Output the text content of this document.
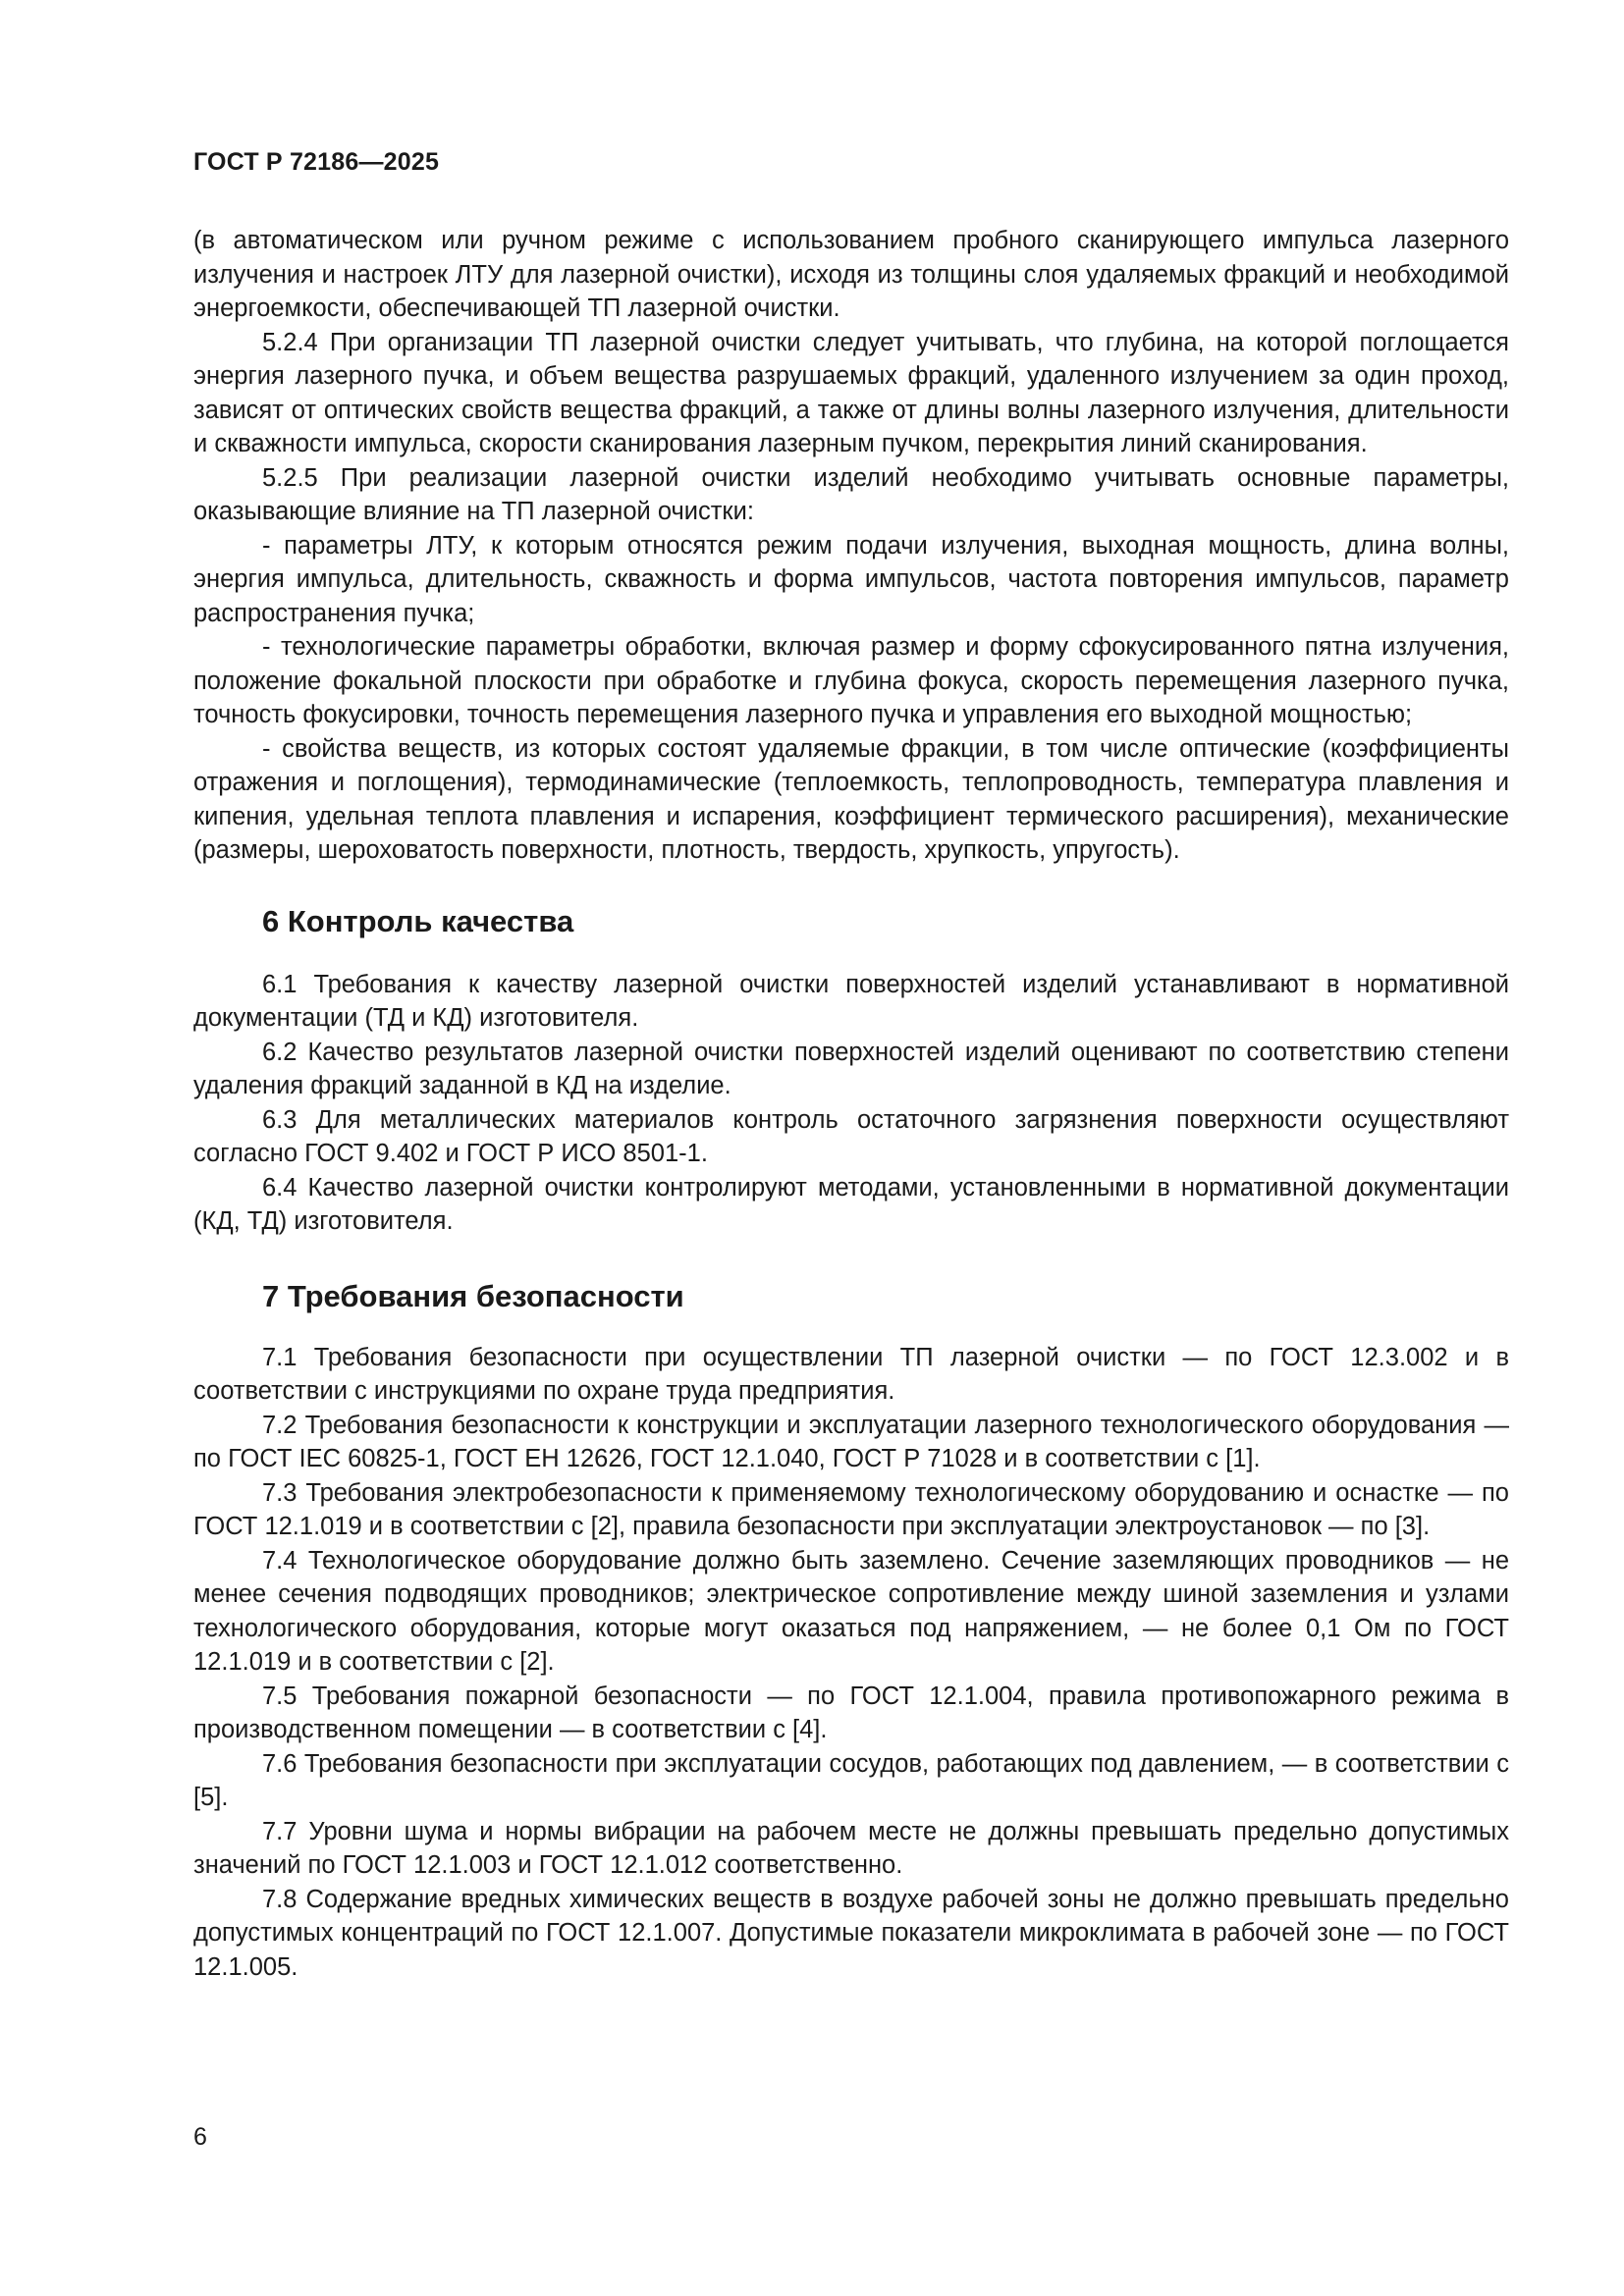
ГОСТ Р 72186—2025

(в автоматическом или ручном режиме с использованием пробного сканирующего импульса лазерного излучения и настроек ЛТУ для лазерной очистки), исходя из толщины слоя удаляемых фракций и необходимой энергоемкости, обеспечивающей ТП лазерной очистки.

5.2.4 При организации ТП лазерной очистки следует учитывать, что глубина, на которой поглощается энергия лазерного пучка, и объем вещества разрушаемых фракций, удаленного излучением за один проход, зависят от оптических свойств вещества фракций, а также от длины волны лазерного излучения, длительности и скважности импульса, скорости сканирования лазерным пучком, перекрытия линий сканирования.

5.2.5 При реализации лазерной очистки изделий необходимо учитывать основные параметры, оказывающие влияние на ТП лазерной очистки:

- параметры ЛТУ, к которым относятся режим подачи излучения, выходная мощность, длина волны, энергия импульса, длительность, скважность и форма импульсов, частота повторения импульсов, параметр распространения пучка;

- технологические параметры обработки, включая размер и форму сфокусированного пятна излучения, положение фокальной плоскости при обработке и глубина фокуса, скорость перемещения лазерного пучка, точность фокусировки, точность перемещения лазерного пучка и управления его выходной мощностью;

- свойства веществ, из которых состоят удаляемые фракции, в том числе оптические (коэффициенты отражения и поглощения), термодинамические (теплоемкость, теплопроводность, температура плавления и кипения, удельная теплота плавления и испарения, коэффициент термического расширения), механические (размеры, шероховатость поверхности, плотность, твердость, хрупкость, упругость).

6 Контроль качества

6.1 Требования к качеству лазерной очистки поверхностей изделий устанавливают в нормативной документации (ТД и КД) изготовителя.

6.2 Качество результатов лазерной очистки поверхностей изделий оценивают по соответствию степени удаления фракций заданной в КД на изделие.

6.3 Для металлических материалов контроль остаточного загрязнения поверхности осуществляют согласно ГОСТ 9.402 и ГОСТ Р ИСО 8501-1.

6.4 Качество лазерной очистки контролируют методами, установленными в нормативной документации (КД, ТД) изготовителя.

7 Требования безопасности

7.1 Требования безопасности при осуществлении ТП лазерной очистки — по ГОСТ 12.3.002 и в соответствии с инструкциями по охране труда предприятия.

7.2 Требования безопасности к конструкции и эксплуатации лазерного технологического оборудования — по ГОСТ IEC 60825-1, ГОСТ ЕН 12626, ГОСТ 12.1.040, ГОСТ Р 71028 и в соответствии с [1].

7.3 Требования электробезопасности к применяемому технологическому оборудованию и оснастке — по ГОСТ 12.1.019 и в соответствии с [2], правила безопасности при эксплуатации электроустановок — по [3].

7.4 Технологическое оборудование должно быть заземлено. Сечение заземляющих проводников — не менее сечения подводящих проводников; электрическое сопротивление между шиной заземления и узлами технологического оборудования, которые могут оказаться под напряжением, — не более 0,1 Ом по ГОСТ 12.1.019 и в соответствии с [2].

7.5 Требования пожарной безопасности — по ГОСТ 12.1.004, правила противопожарного режима в производственном помещении — в соответствии с [4].

7.6 Требования безопасности при эксплуатации сосудов, работающих под давлением, — в соответствии с [5].

7.7 Уровни шума и нормы вибрации на рабочем месте не должны превышать предельно допустимых значений по ГОСТ 12.1.003 и ГОСТ 12.1.012 соответственно.

7.8 Содержание вредных химических веществ в воздухе рабочей зоны не должно превышать предельно допустимых концентраций по ГОСТ 12.1.007. Допустимые показатели микроклимата в рабочей зоне — по ГОСТ 12.1.005.

6
